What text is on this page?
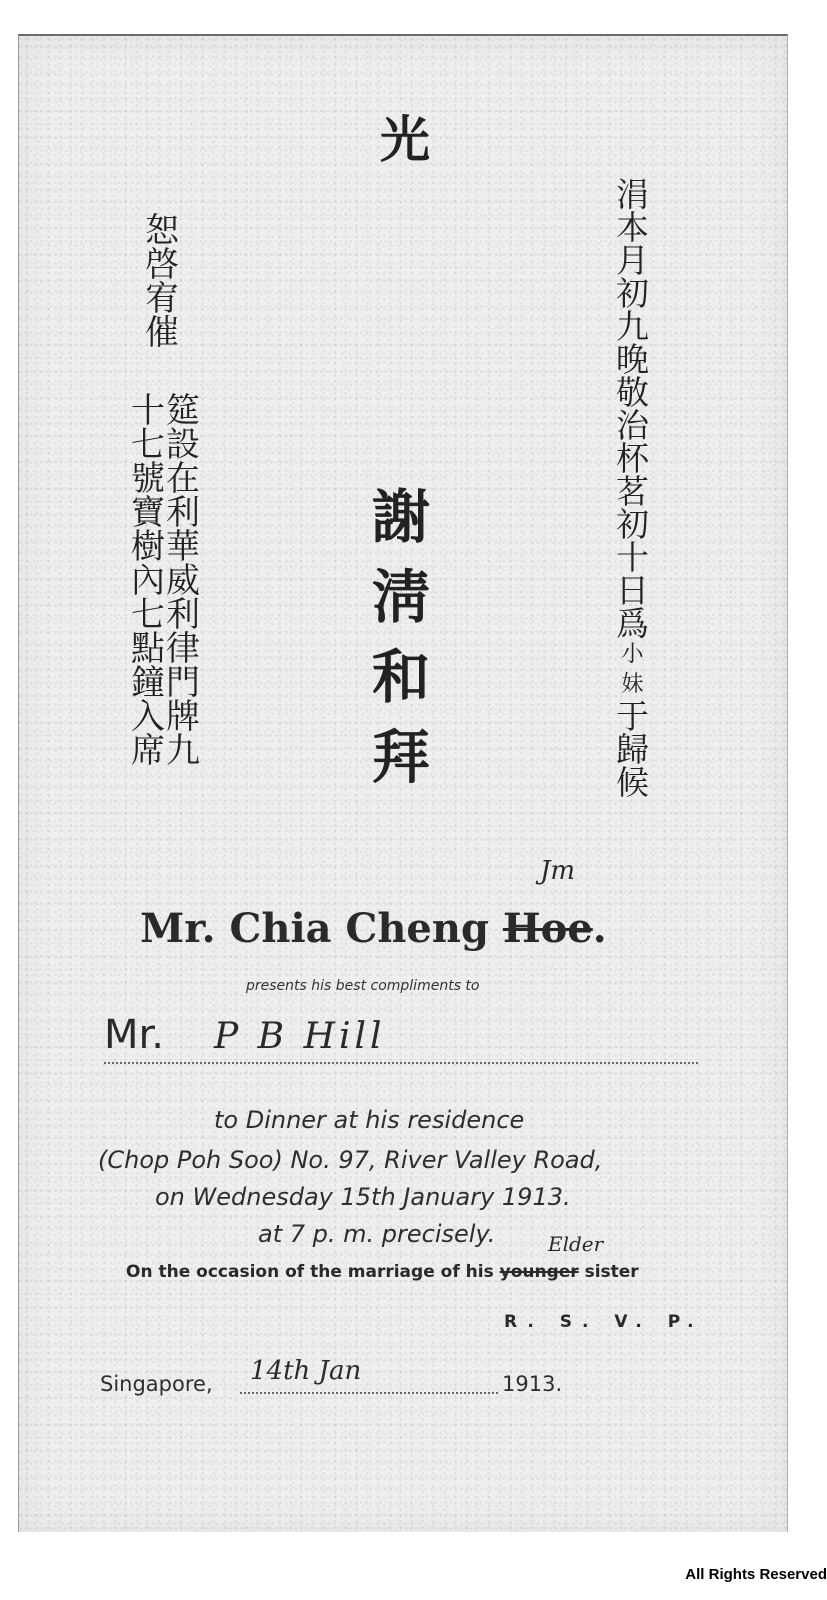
光
涓
本
月
初
九
晚
敬
治
杯
茗
初
十
日
爲
小
妹
于
歸
候
恕
啓
宥
催
筵
設
在
利
華
威
利
律
門
牌
九
十
七
號
寶
樹
內
七
點
鐘
入
席
謝
淸
和
拜
Jm
Mr. Chia Cheng Hoe.
presents his best compliments to
Mr. P B Hill
to Dinner at his residence
(Chop Poh Soo) No. 97, River Valley Road,
on Wednesday 15th January 1913.
at 7 p. m. precisely.	Elder
On the occasion of the marriage of his younger sister
R. S. V. P.
Singapore, 14th Jan	1913.
All Rights Reserved
